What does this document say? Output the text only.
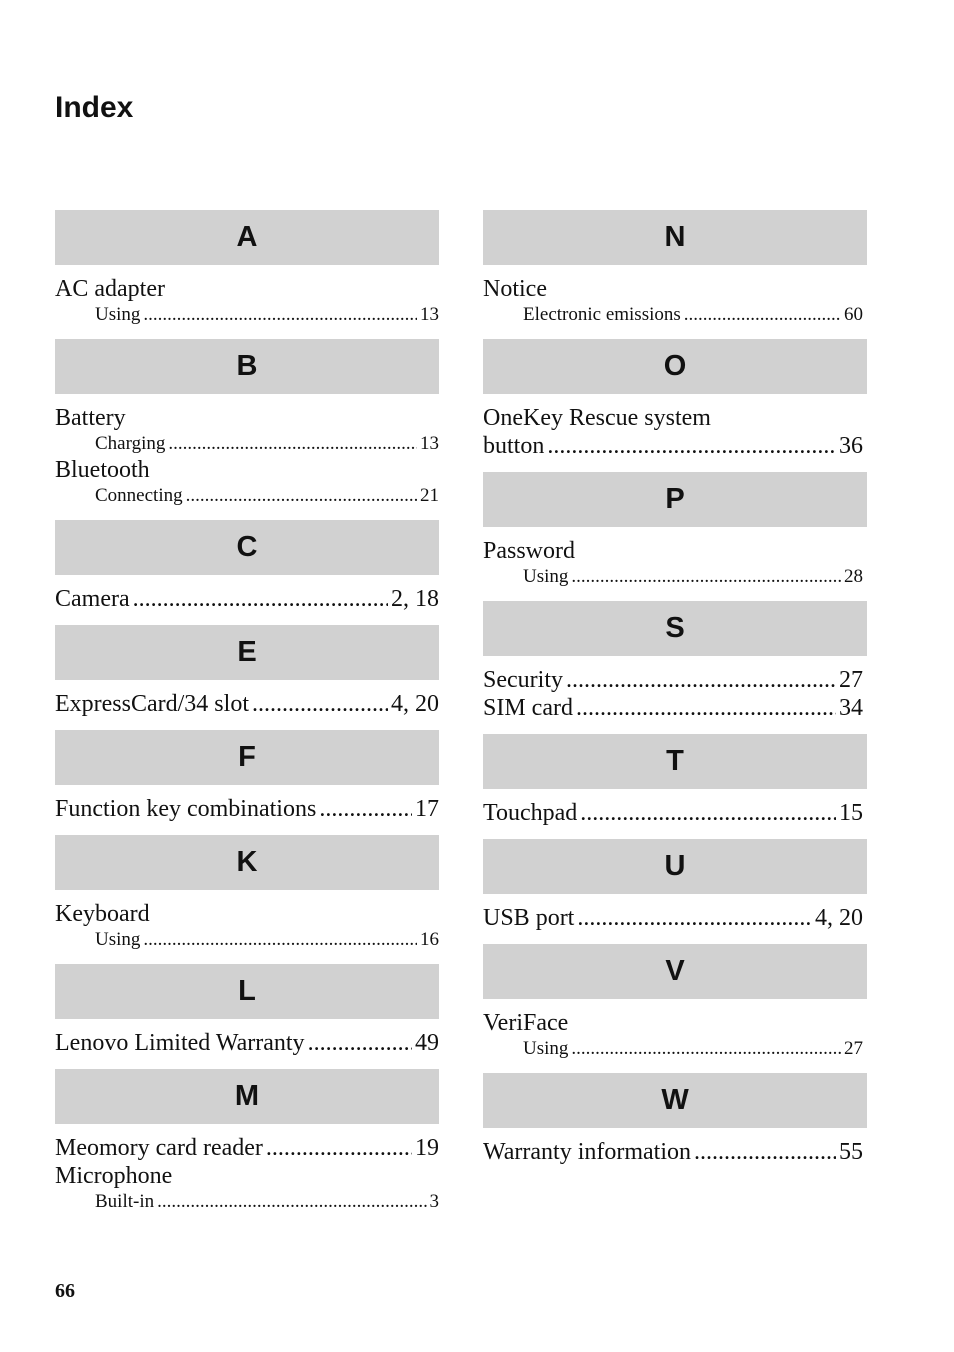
Index
A
AC adapter
Using .....	13
B
Battery
Charging .....	13
Bluetooth
Connecting .....	21
C
Camera .....	2, 18
E
ExpressCard/34 slot .....	4, 20
F
Function key combinations .....	17
K
Keyboard
Using .....	16
L
Lenovo Limited Warranty .....	49
M
Meomory card reader .....	19
Microphone
Built-in .....	3
N
Notice
Electronic emissions .....	60
O
OneKey Rescue system
button .....	36
P
Password
Using .....	28
S
Security .....	27
SIM card .....	34
T
Touchpad .....	15
U
USB port .....	4, 20
V
VeriFace
Using .....	27
W
Warranty information .....	55
66
